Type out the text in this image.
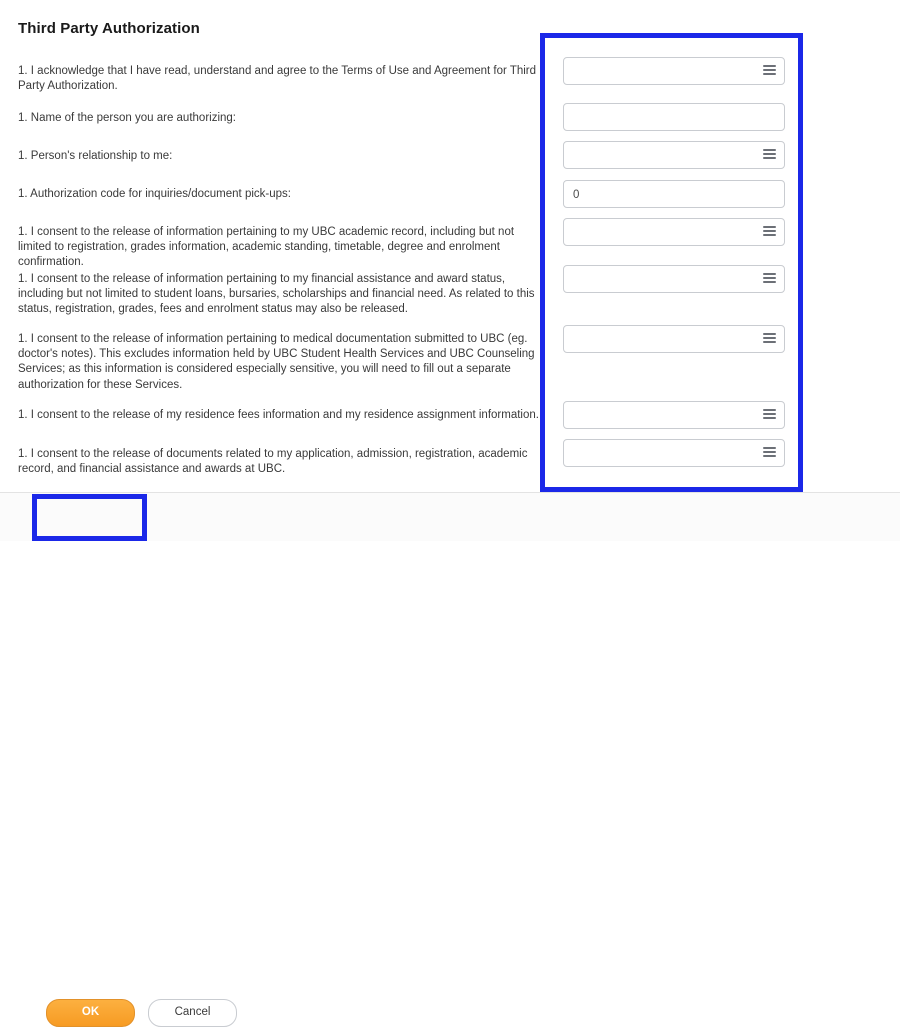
Third Party Authorization
1. I acknowledge that I have read, understand and agree to the Terms of Use and Agreement for Third Party Authorization.
1. Name of the person you are authorizing:
1. Person's relationship to me:
1. Authorization code for inquiries/document pick-ups:
1. I consent to the release of information pertaining to my UBC academic record, including but not limited to registration, grades information, academic standing, timetable, degree and enrolment confirmation.
1. I consent to the release of information pertaining to my financial assistance and award status, including but not limited to student loans, bursaries, scholarships and financial need. As related to this status, registration, grades, fees and enrolment status may also be released.
1. I consent to the release of information pertaining to medical documentation submitted to UBC (eg. doctor's notes). This excludes information held by UBC Student Health Services and UBC Counseling Services; as this information is considered especially sensitive, you will need to fill out a separate authorization for these Services.
1. I consent to the release of my residence fees information and my residence assignment information.
1. I consent to the release of documents related to my application, admission, registration, academic record, and financial assistance and awards at UBC.
0
OK	Cancel
